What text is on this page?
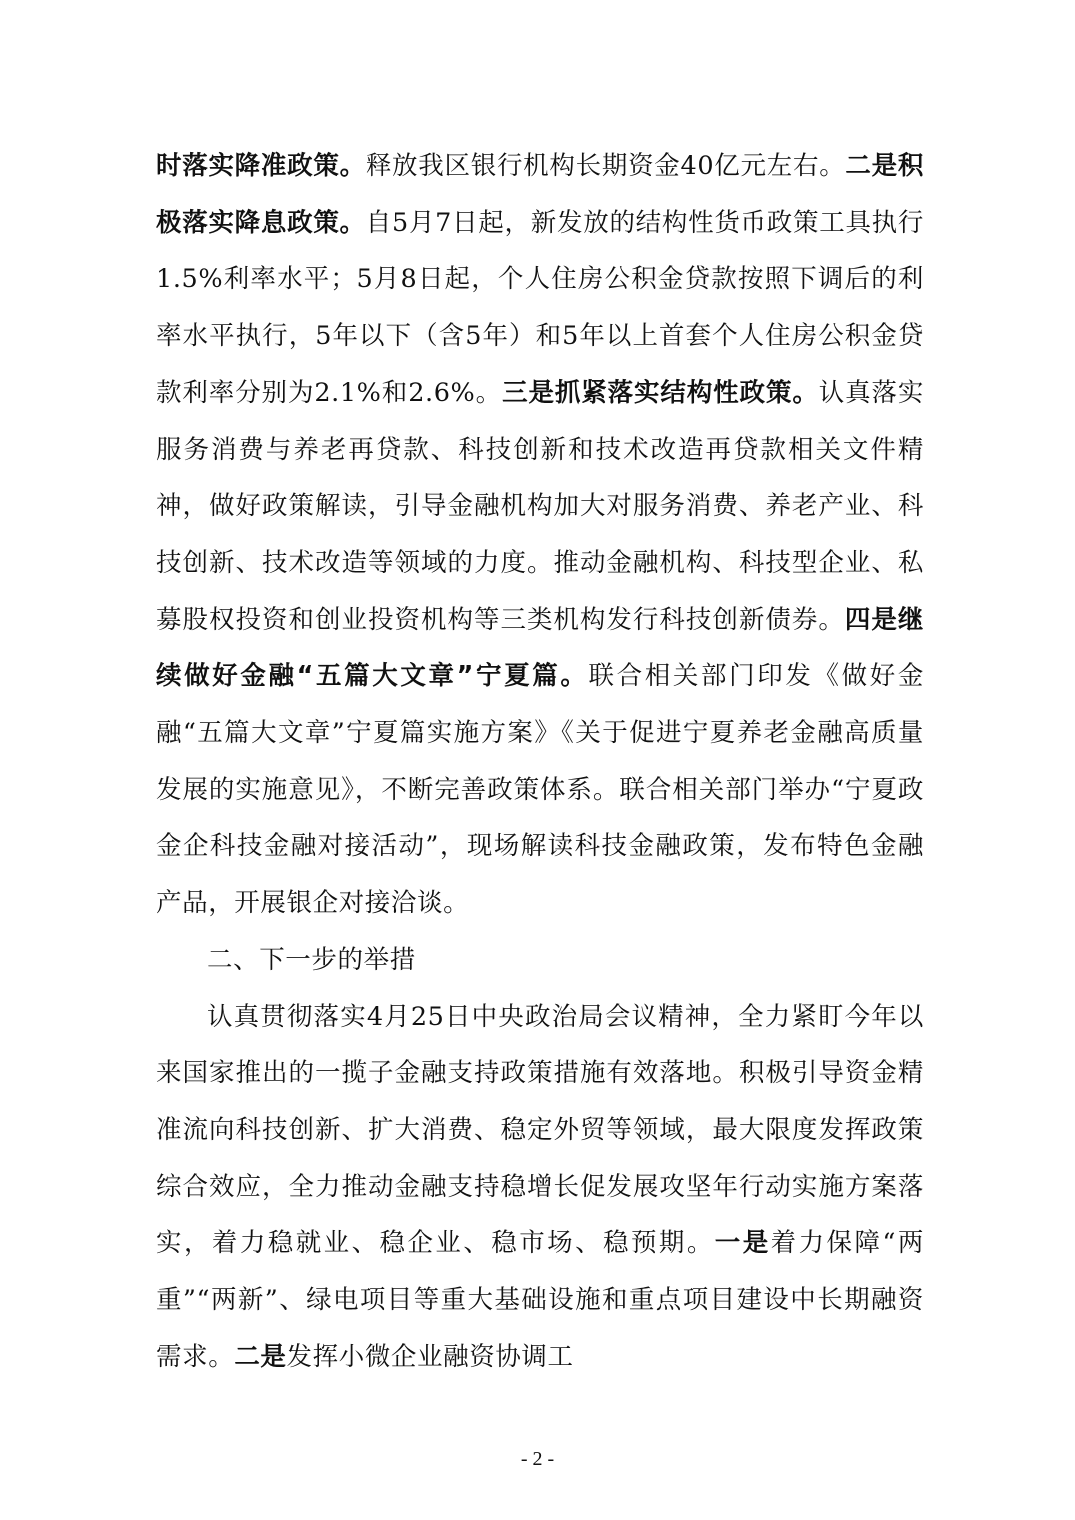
时落实降准政策。释放我区银行机构长期资金40亿元左右。二是积极落实降息政策。自5月7日起，新发放的结构性货币政策工具执行1.5%利率水平；5月8日起，个人住房公积金贷款按照下调后的利率水平执行，5年以下（含5年）和5年以上首套个人住房公积金贷款利率分别为2.1%和2.6%。三是抓紧落实结构性政策。认真落实服务消费与养老再贷款、科技创新和技术改造再贷款相关文件精神，做好政策解读，引导金融机构加大对服务消费、养老产业、科技创新、技术改造等领域的力度。推动金融机构、科技型企业、私募股权投资和创业投资机构等三类机构发行科技创新债券。四是继续做好金融“五篇大文章”宁夏篇。联合相关部门印发《做好金融“五篇大文章”宁夏篇实施方案》《关于促进宁夏养老金融高质量发展的实施意见》，不断完善政策体系。联合相关部门举办“宁夏政金企科技金融对接活动”，现场解读科技金融政策，发布特色金融产品，开展银企对接洽谈。

二、下一步的举措

认真贯彻落实4月25日中央政治局会议精神，全力紧盯今年以来国家推出的一揽子金融支持政策措施有效落地。积极引导资金精准流向科技创新、扩大消费、稳定外贸等领域，最大限度发挥政策综合效应，全力推动金融支持稳增长促发展攻坚年行动实施方案落实，着力稳就业、稳企业、稳市场、稳预期。一是着力保障“两重”“两新”、绿电项目等重大基础设施和重点项目建设中长期融资需求。二是发挥小微企业融资协调工

- 2 -
